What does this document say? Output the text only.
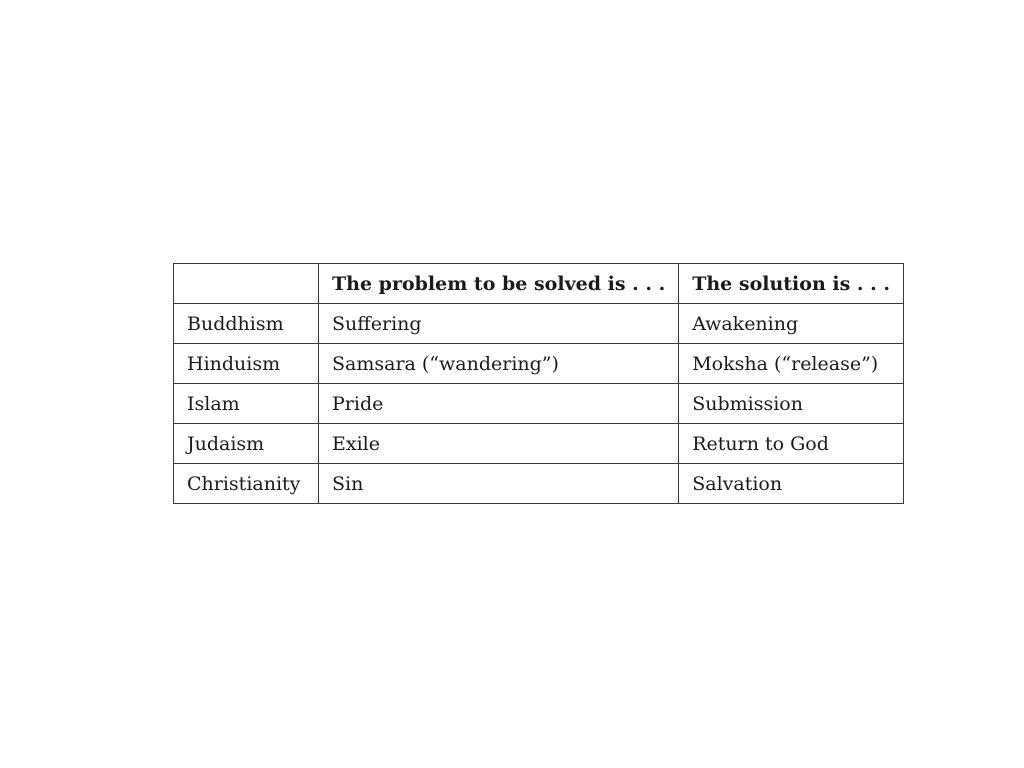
	The problem to be solved is . . .	The solution is . . .
Buddhism	Suffering	Awakening
Hinduism	Samsara (“wandering”)	Moksha (“release”)
Islam	Pride	Submission
Judaism	Exile	Return to God
Christianity	Sin	Salvation
